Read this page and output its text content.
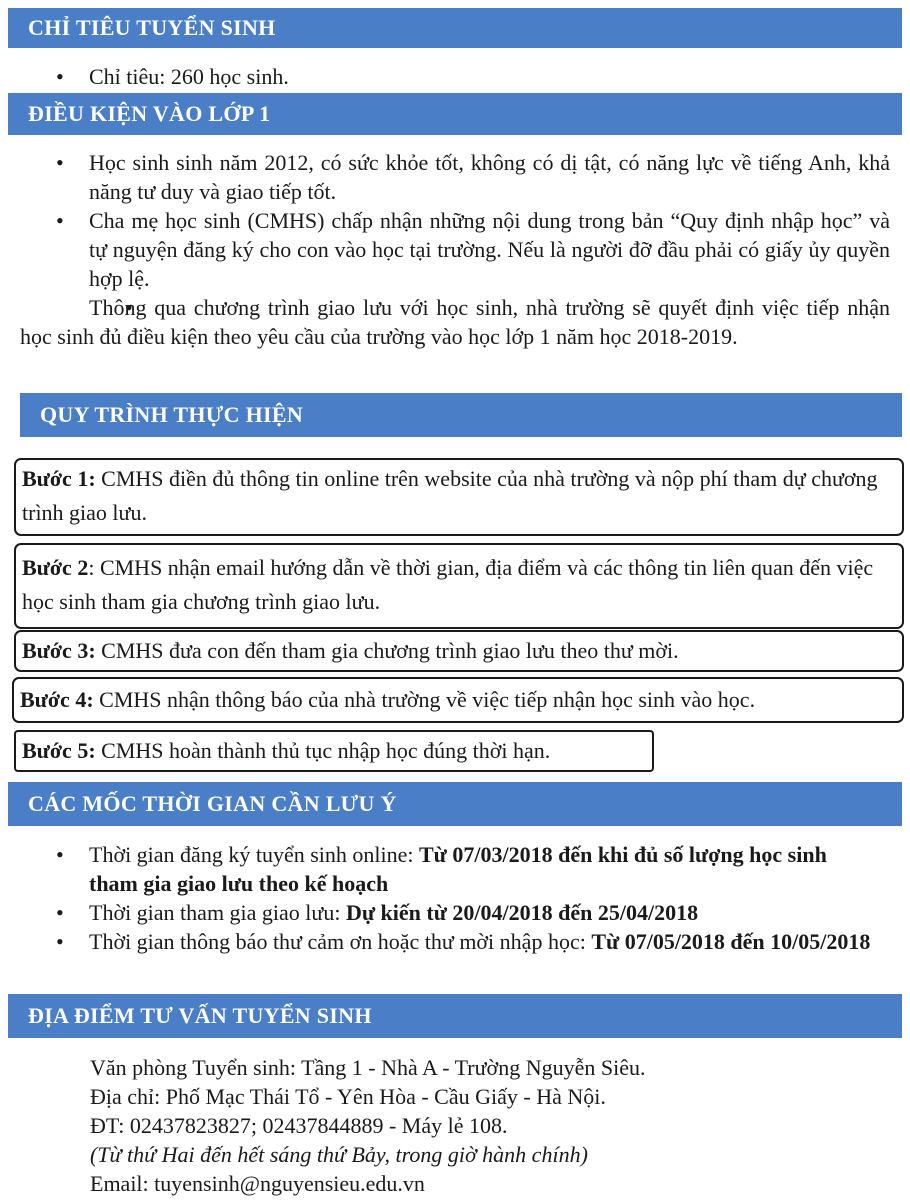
CHỈ TIÊU TUYỂN SINH
• Chỉ tiêu: 260 học sinh.
ĐIỀU KIỆN VÀO LỚP 1
• Học sinh sinh năm 2012, có sức khỏe tốt, không có dị tật, có năng lực về tiếng Anh, khả năng tư duy và giao tiếp tốt.
• Cha mẹ học sinh (CMHS) chấp nhận những nội dung trong bản “Quy định nhập học” và tự nguyện đăng ký cho con vào học tại trường. Nếu là người đỡ đầu phải có giấy ủy quyền hợp lệ.
• Thông qua chương trình giao lưu với học sinh, nhà trường sẽ quyết định việc tiếp nhận học sinh đủ điều kiện theo yêu cầu của trường vào học lớp 1 năm học 2018-2019.
QUY TRÌNH THỰC HIỆN
Bước 1: CMHS điền đủ thông tin online trên website của nhà trường và nộp phí tham dự chương trình giao lưu.
Bước 2: CMHS nhận email hướng dẫn về thời gian, địa điểm và các thông tin liên quan đến việc học sinh tham gia chương trình giao lưu.
Bước 3: CMHS đưa con đến tham gia chương trình giao lưu theo thư mời.
Bước 4: CMHS nhận thông báo của nhà trường về việc tiếp nhận học sinh vào học.
Bước 5: CMHS hoàn thành thủ tục nhập học đúng thời hạn.
CÁC MỐC THỜI GIAN CẦN LƯU Ý
• Thời gian đăng ký tuyển sinh online: Từ 07/03/2018 đến khi đủ số lượng học sinh tham gia giao lưu theo kế hoạch
• Thời gian tham gia giao lưu: Dự kiến từ 20/04/2018 đến 25/04/2018
• Thời gian thông báo thư cảm ơn hoặc thư mời nhập học: Từ 07/05/2018 đến 10/05/2018
ĐỊA ĐIỂM TƯ VẤN TUYỂN SINH
Văn phòng Tuyển sinh: Tầng 1 - Nhà A - Trường Nguyễn Siêu.
Địa chỉ: Phố Mạc Thái Tổ - Yên Hòa - Cầu Giấy - Hà Nội.
ĐT: 02437823827; 02437844889 - Máy lẻ 108.
(Từ thứ Hai đến hết sáng thứ Bảy, trong giờ hành chính)
Email: tuyensinh@nguyensieu.edu.vn
